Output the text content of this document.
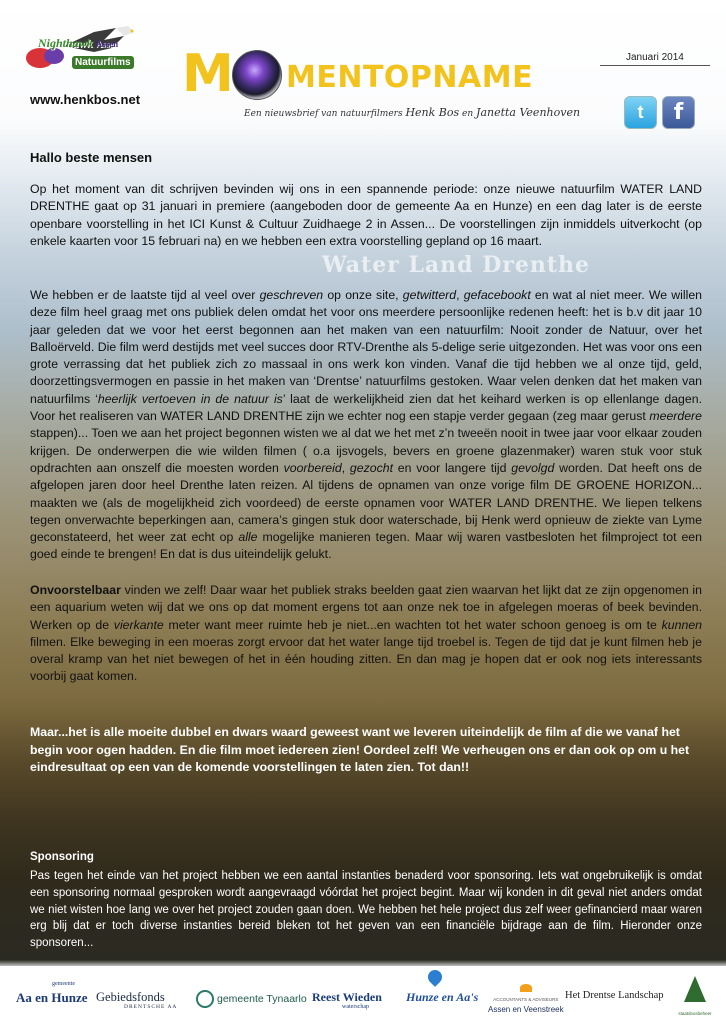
Nighthawk Assen
Natuurfilms
www.henkbos.net M MENTOPNAME
Een nieuwsbrief van natuurfilmers Henk Bos en Janetta Veenhoven
Januari 2014
t	f
Hallo beste mensen

Op het moment van dit schrijven bevinden wij ons in een spannende periode: onze nieuwe natuurfilm WATER LAND DRENTHE gaat op 31 januari in premiere (aangeboden door de gemeente Aa en Hunze) en een dag later is de eerste openbare voorstelling in het ICI Kunst & Cultuur Zuidhaege 2 in Assen... De voorstellingen zijn inmiddels uitverkocht (op enkele kaarten voor 15 februari na) en we hebben een extra voorstelling gepland op 16 maart.

Water Land Drenthe

We hebben er de laatste tijd al veel over geschreven op onze site, getwitterd, gefacebookt en wat al niet meer. We willen deze film heel graag met ons publiek delen omdat het voor ons meerdere persoonlijke redenen heeft: het is b.v dit jaar 10 jaar geleden dat we voor het eerst begonnen aan het maken van een natuurfilm: Nooit zonder de Natuur, over het Balloërveld. Die film werd destijds met veel succes door RTV-Drenthe als 5-delige serie uitgezonden. Het was voor ons een grote verrassing dat het publiek zich zo massaal in ons werk kon vinden. Vanaf die tijd hebben we al onze tijd, geld, doorzettingsvermogen en passie in het maken van ‘Drentse’ natuurfilms gestoken. Waar velen denken dat het maken van natuurfilms ‘heerlijk vertoeven in de natuur is’ laat de werkelijkheid zien dat het keihard werken is op ellenlange dagen. Voor het realiseren van WATER LAND DRENTHE zijn we echter nog een stapje verder gegaan (zeg maar gerust meerdere stappen)... Toen we aan het project begonnen wisten we al dat we het met z’n tweeën nooit in twee jaar voor elkaar zouden krijgen. De onderwerpen die wie wilden filmen ( o.a ijsvogels, bevers en groene glazenmaker) waren stuk voor stuk opdrachten aan onszelf die moesten worden voorbereid, gezocht en voor langere tijd gevolgd worden. Dat heeft ons de afgelopen jaren door heel Drenthe laten reizen. Al tijdens de opnamen van onze vorige film DE GROENE HORIZON... maakten we (als de mogelijkheid zich voordeed) de eerste opnamen voor WATER LAND DRENTHE. We liepen telkens tegen onverwachte beperkingen aan, camera’s gingen stuk door waterschade, bij Henk werd opnieuw de ziekte van Lyme geconstateerd, het weer zat echt op alle mogelijke manieren tegen. Maar wij waren vastbesloten het filmproject tot een goed einde te brengen! En dat is dus uiteindelijk gelukt.

Onvoorstelbaar vinden we zelf! Daar waar het publiek straks beelden gaat zien waarvan het lijkt dat ze zijn opgenomen in een aquarium weten wij dat we ons op dat moment ergens tot aan onze nek toe in afgelegen moeras of beek bevinden. Werken op de vierkante meter want meer ruimte heb je niet...en wachten tot het water schoon genoeg is om te kunnen filmen. Elke beweging in een moeras zorgt ervoor dat het water lange tijd troebel is. Tegen de tijd dat je kunt filmen heb je overal kramp van het niet bewegen of het in één houding zitten. En dan mag je hopen dat er ook nog iets interessants voorbij gaat komen.

Maar...het is alle moeite dubbel en dwars waard geweest want we leveren uiteindelijk de film af die we vanaf het begin voor ogen hadden. En die film moet iedereen zien! Oordeel zelf! We verheugen ons er dan ook op om u het eindresultaat op een van de komende voorstellingen te laten zien. Tot dan!!

Sponsoring

Pas tegen het einde van het project hebben we een aantal instanties benaderd voor sponsoring. Iets wat ongebruikelijk is omdat een sponsoring normaal gesproken wordt aangevraagd vóórdat het project begint. Maar wij konden in dit geval niet anders omdat we niet wisten hoe lang we over het project zouden gaan doen. We hebben het hele project dus zelf weer gefinancierd maar waren erg blij dat er toch diverse instanties bereid bleken tot het geven van een financiële bijdrage aan de film. Hieronder onze sponsoren...

gemeente
Aa en Hunze Gebiedsfonds
DRENTSCHE AA
gemeente Tynaarlo Reest Wieden
waterschap
Hunze en Aa's	ACCOUNTANTS & ADVISEURS
Assen en Veenstreek
Het Drentse Landschap
staatsbosbeheer
